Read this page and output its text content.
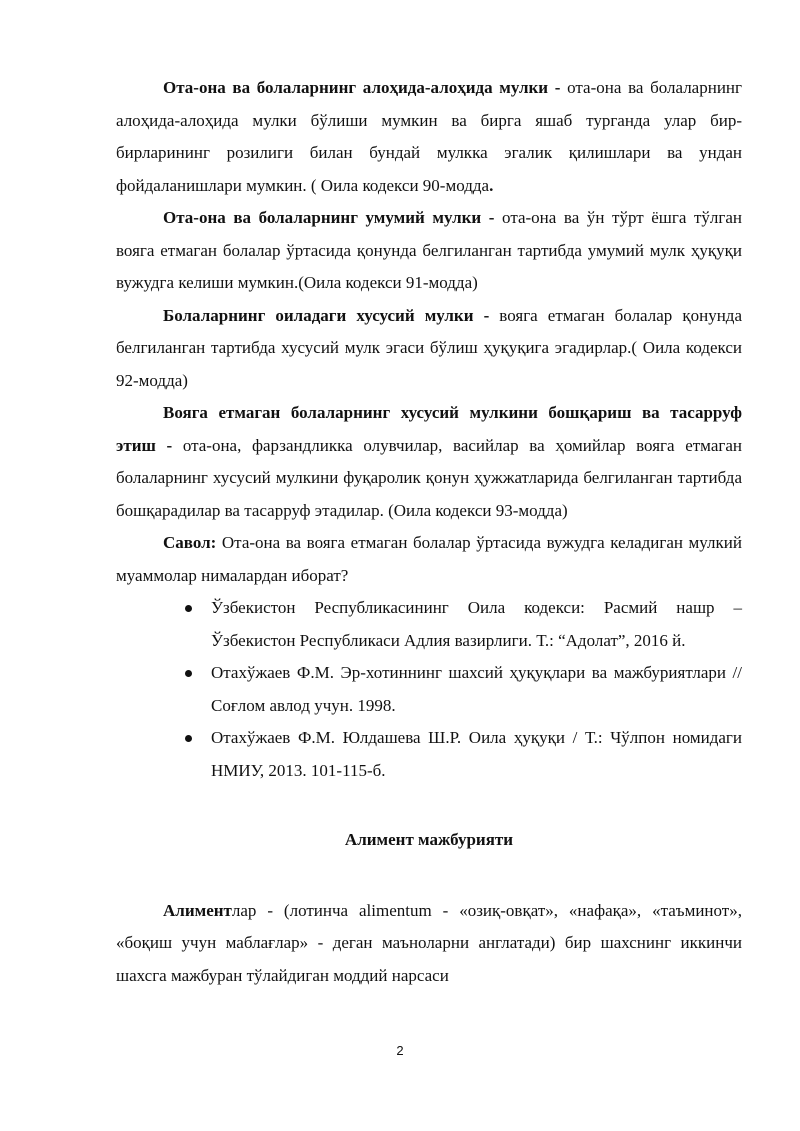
Ота-она ва болаларнинг алоҳида-алоҳида мулки - ота-она ва болаларнинг алоҳида-алоҳида мулки бўлиши мумкин ва бирга яшаб турганда улар бир-бирларининг розилиги билан бундай мулкка эгалик қилишлари ва ундан фойдаланишлари мумкин. ( Оила кодекси 90-модда.

Ота-она ва болаларнинг умумий мулки - ота-она ва ўн тўрт ёшга тўлган вояга етмаган болалар ўртасида қонунда белгиланган тартибда умумий мулк ҳуқуқи вужудга келиши мумкин.(Оила кодекси 91-модда)

Болаларнинг оиладаги хусусий мулки - вояга етмаган болалар қонунда белгиланган тартибда хусусий мулк эгаси бўлиш ҳуқуқига эгадирлар.( Оила кодекси 92-модда)

Вояга етмаган болаларнинг хусусий мулкини бошқариш ва тасарруф этиш - ота-она, фарзандликка олувчилар, васийлар ва ҳомийлар вояга етмаган болаларнинг хусусий мулкини фуқаролик қонун ҳужжатларида белгиланган тартибда бошқарадилар ва тасарруф этадилар. (Оила кодекси 93-модда)

Савол: Ота-она ва вояга етмаган болалар ўртасида вужудга келадиган мулкий муаммолар нималардан иборат?

Ўзбекистон Республикасининг Оила кодекси: Расмий нашр – Ўзбекистон Республикаси Адлия вазирлиги. Т.: “Адолат”, 2016 й.
Отахўжаев Ф.М. Эр-хотиннинг шахсий ҳуқуқлари ва мажбуриятлари // Соғлом авлод учун. 1998.
Отахўжаев Ф.М. Юлдашева Ш.Р. Оила ҳуқуқи / Т.: Чўлпон номидаги НМИУ, 2013. 101-115-б.

Алимент мажбурияти

Алиментлар - (лотинча alimentum - «озиқ-овқат», «нафақа», «таъминот», «боқиш учун маблағлар» - деган маъноларни англатади) бир шахснинг иккинчи шахсга мажбуран тўлайдиган моддий нарсаси

2
